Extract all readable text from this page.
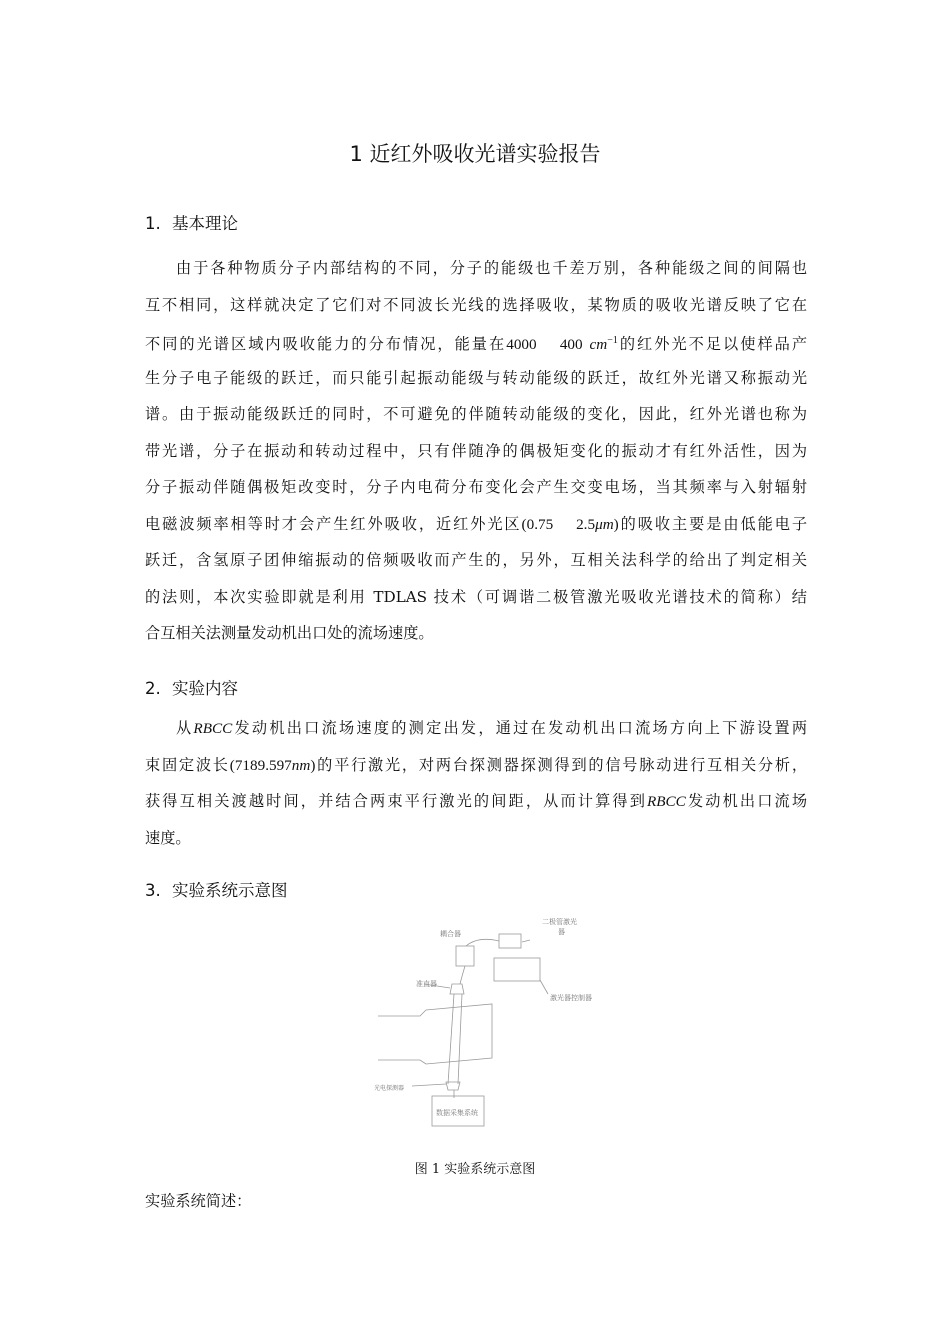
1 近红外吸收光谱实验报告
1. 基本理论
由于各种物质分子内部结构的不同，分子的能级也千差万别，各种能级之间的间隔也
互不相同，这样就决定了它们对不同波长光线的选择吸收，某物质的吸收光谱反映了它在
不同的光谱区域内吸收能力的分布情况，能量在4000    400 $cm^{-1}$的红外光不足以使样品产
生分子电子能级的跃迁，而只能引起振动能级与转动能级的跃迁，故红外光谱又称振动光
谱。由于振动能级跃迁的同时，不可避免的伴随转动能级的变化，因此，红外光谱也称为
带光谱，分子在振动和转动过程中，只有伴随净的偶极矩变化的振动才有红外活性，因为
分子振动伴随偶极矩改变时，分子内电荷分布变化会产生交变电场，当其频率与入射辐射
电磁波频率相等时才会产生红外吸收，近红外光区(0.75    2.5μm)的吸收主要是由低能电子
跃迁，含氢原子团伸缩振动的倍频吸收而产生的，另外，互相关法科学的给出了判定相关
的法则，本次实验即就是利用 TDLAS 技术（可调谐二极管激光吸收光谱技术的简称）结
合互相关法测量发动机出口处的流场速度。
2. 实验内容
从RBCC发动机出口流场速度的测定出发，通过在发动机出口流场方向上下游设置两
束固定波长(7189.597nm)的平行激光，对两台探测器探测得到的信号脉动进行互相关分析，
获得互相关渡越时间，并结合两束平行激光的间距，从而计算得到RBCC发动机出口流场
速度。
3. 实验系统示意图
耦合器
二极管激光
器
准直器
激光器控制器
光电探测器
数据采集系统
图 1 实验系统示意图
实验系统简述：
